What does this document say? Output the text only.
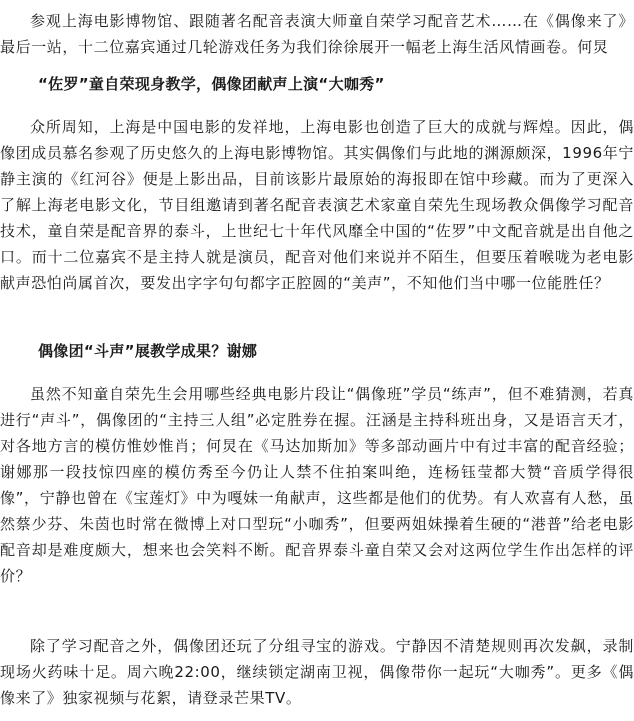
参观上海电影博物馆、跟随著名配音表演大师童自荣学习配音艺术……在《偶像来了》最后一站，十二位嘉宾通过几轮游戏任务为我们徐徐展开一幅老上海生活风情画卷。何炅

“佐罗”童自荣现身教学，偶像团献声上演“大咖秀”

众所周知，上海是中国电影的发祥地，上海电影也创造了巨大的成就与辉煌。因此，偶像团成员慕名参观了历史悠久的上海电影博物馆。其实偶像们与此地的渊源颇深，1996年宁静主演的《红河谷》便是上影出品，目前该影片最原始的海报即在馆中珍藏。而为了更深入了解上海老电影文化，节目组邀请到著名配音表演艺术家童自荣先生现场教众偶像学习配音技术，童自荣是配音界的泰斗，上世纪七十年代风靡全中国的“佐罗”中文配音就是出自他之口。而十二位嘉宾不是主持人就是演员，配音对他们来说并不陌生，但要压着喉咙为老电影献声恐怕尚属首次，要发出字字句句都字正腔圆的“美声”，不知他们当中哪一位能胜任？

偶像团“斗声”展教学成果？谢娜

虽然不知童自荣先生会用哪些经典电影片段让“偶像班”学员“练声”，但不难猜测，若真进行“声斗”，偶像团的“主持三人组”必定胜券在握。汪涵是主持科班出身，又是语言天才，对各地方言的模仿惟妙惟肖；何炅在《马达加斯加》等多部动画片中有过丰富的配音经验；谢娜那一段技惊四座的模仿秀至今仍让人禁不住拍案叫绝，连杨钰莹都大赞“音质学得很像”，宁静也曾在《宝莲灯》中为嘎妹一角献声，这些都是他们的优势。有人欢喜有人愁，虽然蔡少芬、朱茵也时常在微博上对口型玩“小咖秀”，但要两姐妹操着生硬的“港普”给老电影配音却是难度颇大，想来也会笑料不断。配音界泰斗童自荣又会对这两位学生作出怎样的评价？

除了学习配音之外，偶像团还玩了分组寻宝的游戏。宁静因不清楚规则再次发飙，录制现场火药味十足。周六晚22:00，继续锁定湖南卫视，偶像带你一起玩“大咖秀”。更多《偶像来了》独家视频与花絮，请登录芒果TV。
